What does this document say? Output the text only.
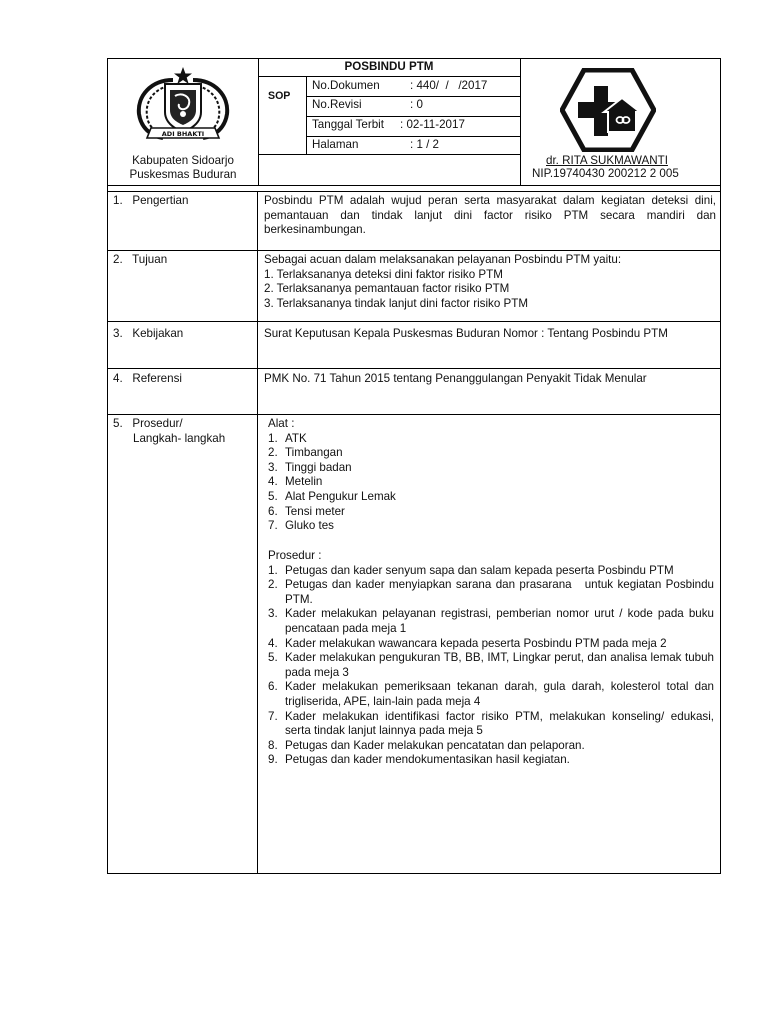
ADI BHAKTI
POSBINDU PTM
SOP
No.Dokumen	: 440/  /   /2017
No.Revisi	: 0
Tanggal Terbit : 02-11-2017
Halaman	: 1 / 2
Kabupaten Sidoarjo
Puskesmas Buduran
dr. RITA SUKMAWANTI
NIP.19740430 200212 2 005
1.   Pengertian	Posbindu PTM adalah wujud peran serta masyarakat dalam kegiatan deteksi dini, pemantauan dan tindak lanjut dini factor risiko PTM secara mandiri dan berkesinambungan.
2.   Tujuan	Sebagai acuan dalam melaksanakan pelayanan Posbindu PTM yaitu:
1. Terlaksananya deteksi dini faktor risiko PTM
2. Terlaksananya pemantauan factor risiko PTM
3. Terlaksananya tindak lanjut dini factor risiko PTM
3.   Kebijakan	Surat Keputusan Kepala Puskesmas Buduran Nomor : Tentang Posbindu PTM
4.   Referensi	PMK No. 71 Tahun 2015 tentang Penanggulangan Penyakit Tidak Menular
5.   Prosedur/
Langkah- langkah
Alat :
1. ATK
2. Timbangan
3. Tinggi badan
4. Metelin
5. Alat Pengukur Lemak
6. Tensi meter
7. Gluko tes
Prosedur :
1. Petugas dan kader senyum sapa dan salam kepada peserta Posbindu PTM
2. Petugas dan kader menyiapkan sarana dan prasarana   untuk kegiatan Posbindu PTM.
3. Kader melakukan pelayanan registrasi, pemberian nomor urut / kode pada buku pencataan pada meja 1
4. Kader melakukan wawancara kepada peserta Posbindu PTM pada meja 2
5. Kader melakukan pengukuran TB, BB, IMT, Lingkar perut, dan analisa lemak tubuh pada meja 3
6. Kader melakukan pemeriksaan tekanan darah, gula darah, kolesterol total dan trigliserida, APE, lain-lain pada meja 4
7. Kader melakukan identifikasi factor risiko PTM, melakukan konseling/ edukasi, serta tindak lanjut lainnya pada meja 5
8. Petugas dan Kader melakukan pencatatan dan pelaporan.
9. Petugas dan kader mendokumentasikan hasil kegiatan.
